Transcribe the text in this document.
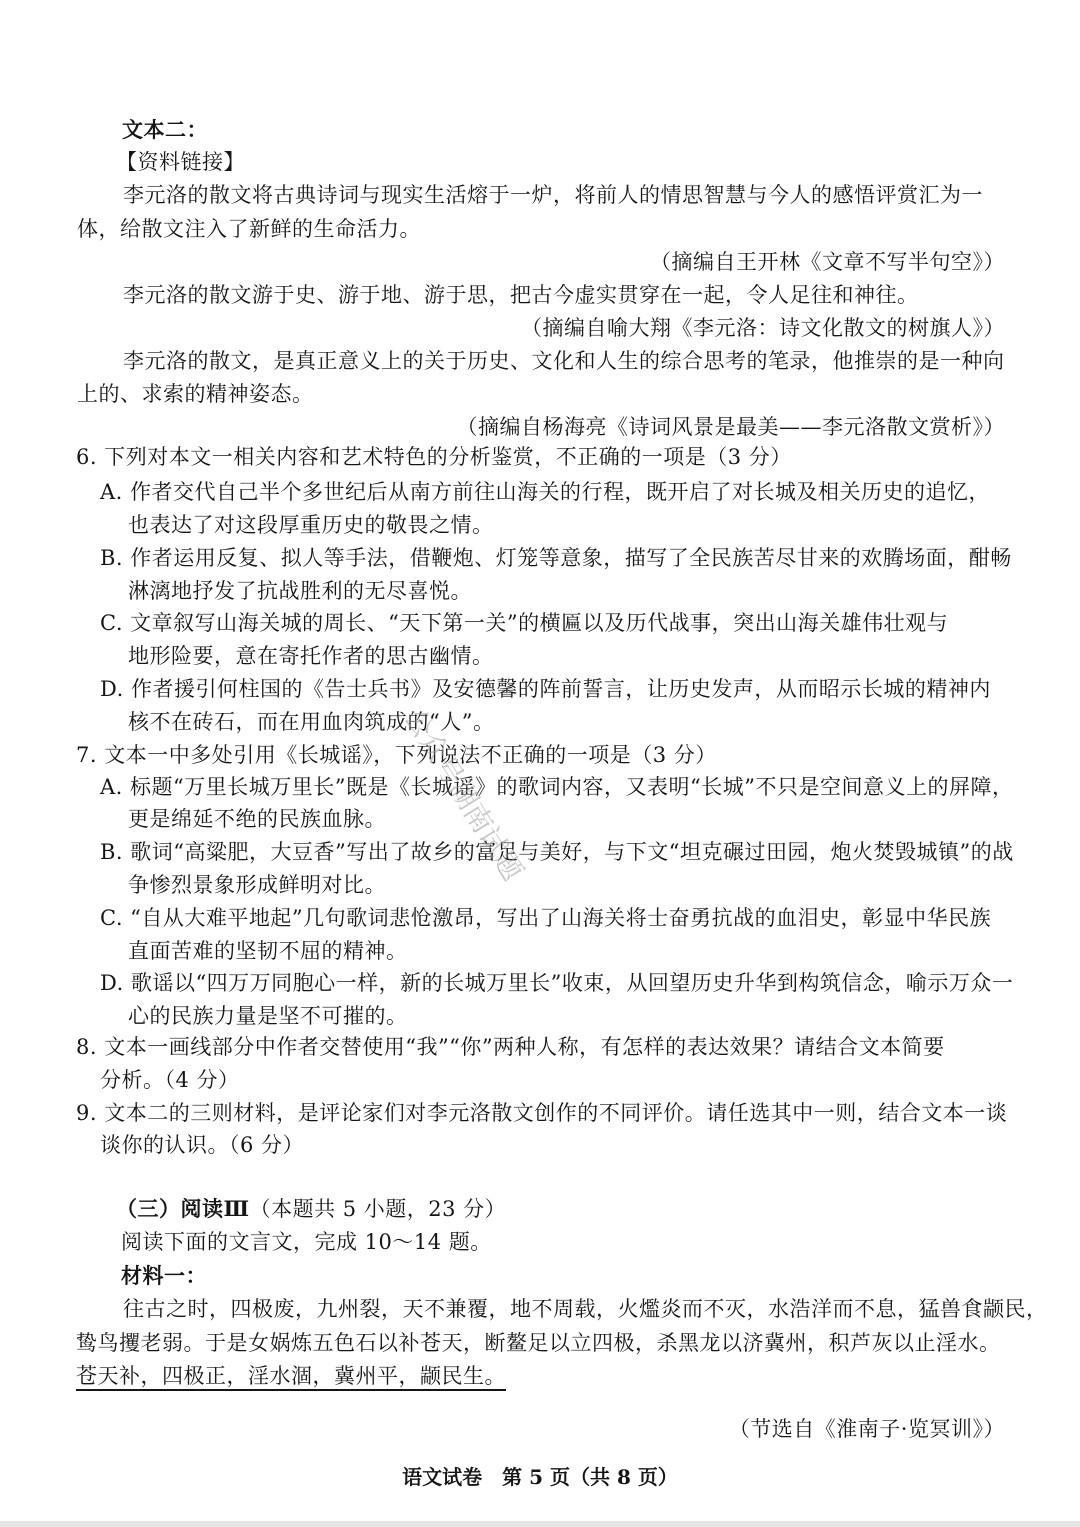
文本二：
【资料链接】
李元洛的散文将古典诗词与现实生活熔于一炉，将前人的情思智慧与今人的感悟评赏汇为一
体，给散文注入了新鲜的生命活力。
（摘编自王开林《文章不写半句空》）
李元洛的散文游于史、游于地、游于思，把古今虚实贯穿在一起，令人足往和神往。
（摘编自喻大翔《李元洛：诗文化散文的树旗人》）
李元洛的散文，是真正意义上的关于历史、文化和人生的综合思考的笔录，他推崇的是一种向
上的、求索的精神姿态。
（摘编自杨海亮《诗词风景是最美——李元洛散文赏析》）
6. 下列对本文一相关内容和艺术特色的分析鉴赏，不正确的一项是（3 分）
A. 作者交代自己半个多世纪后从南方前往山海关的行程，既开启了对长城及相关历史的追忆，
也表达了对这段厚重历史的敬畏之情。
B. 作者运用反复、拟人等手法，借鞭炮、灯笼等意象，描写了全民族苦尽甘来的欢腾场面，酣畅
淋漓地抒发了抗战胜利的无尽喜悦。
C. 文章叙写山海关城的周长、“天下第一关”的横匾以及历代战事，突出山海关雄伟壮观与
地形险要，意在寄托作者的思古幽情。
D. 作者援引何柱国的《告士兵书》及安德馨的阵前誓言，让历史发声，从而昭示长城的精神内
核不在砖石，而在用血肉筑成的“人”。
7. 文本一中多处引用《长城谣》，下列说法不正确的一项是（3 分）
A. 标题“万里长城万里长”既是《长城谣》的歌词内容，又表明“长城”不只是空间意义上的屏障，
更是绵延不绝的民族血脉。
B. 歌词“高粱肥，大豆香”写出了故乡的富足与美好，与下文“坦克碾过田园，炮火焚毁城镇”的战
争惨烈景象形成鲜明对比。
C. “自从大难平地起”几句歌词悲怆激昂，写出了山海关将士奋勇抗战的血泪史，彰显中华民族
直面苦难的坚韧不屈的精神。
D. 歌谣以“四万万同胞心一样，新的长城万里长”收束，从回望历史升华到构筑信念，喻示万众一
心的民族力量是坚不可摧的。
8. 文本一画线部分中作者交替使用“我”“你”两种人称，有怎样的表达效果？请结合文本简要
分析。（4 分）
9. 文本二的三则材料，是评论家们对李元洛散文创作的不同评价。请任选其中一则，结合文本一谈
谈你的认识。（6 分）
（三）阅读Ⅲ（本题共 5 小题，23 分）
阅读下面的文言文，完成 10～14 题。
材料一：
往古之时，四极废，九州裂，天不兼覆，地不周载，火爁炎而不灭，水浩洋而不息，猛兽食颛民，
鸷鸟攫老弱。于是女娲炼五色石以补苍天，断鳌足以立四极，杀黑龙以济冀州，积芦灰以止淫水。
苍天补，四极正，淫水涸，冀州平，颛民生。
（节选自《淮南子·览冥训》）
公众号湖南试题
语文试卷　第 5 页（共 8 页）
